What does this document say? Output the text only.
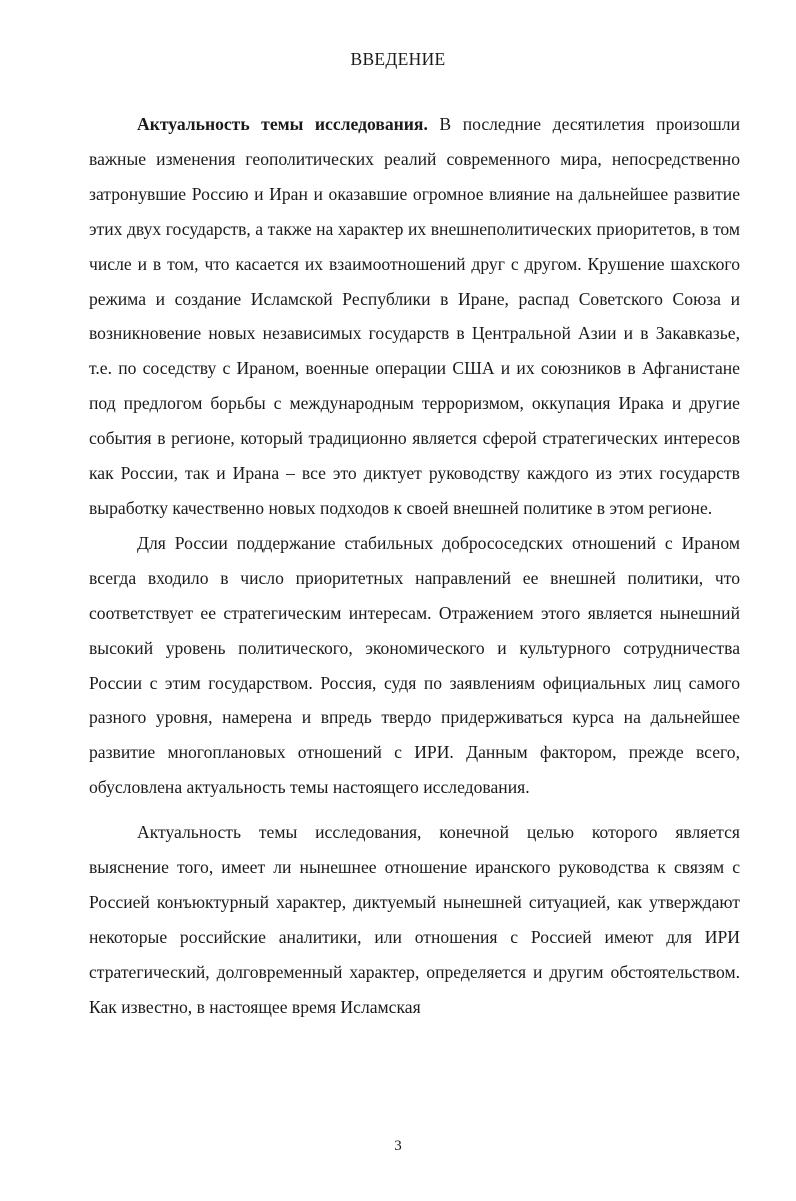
ВВЕДЕНИЕ

Актуальность темы исследования. В последние десятилетия произошли важные изменения геополитических реалий современного мира, непосредственно затронувшие Россию и Иран и оказавшие огромное влияние на дальнейшее развитие этих двух государств, а также на характер их внешнеполитических приоритетов, в том числе и в том, что касается их взаимоотношений друг с другом. Крушение шахского режима и создание Исламской Республики в Иране, распад Советского Союза и возникновение новых независимых государств в Центральной Азии и в Закавказье, т.е. по соседству с Ираном, военные операции США и их союзников в Афганистане под предлогом борьбы с международным терроризмом, оккупация Ирака и другие события в регионе, который традиционно является сферой стратегических интересов как России, так и Ирана – все это диктует руководству каждого из этих государств выработку качественно новых подходов к своей внешней политике в этом регионе.

Для России поддержание стабильных добрососедских отношений с Ираном всегда входило в число приоритетных направлений ее внешней политики, что соответствует ее стратегическим интересам. Отражением этого является нынешний высокий уровень политического, экономического и культурного сотрудничества России с этим государством. Россия, судя по заявлениям официальных лиц самого разного уровня, намерена и впредь твердо придерживаться курса на дальнейшее развитие многоплановых отношений с ИРИ. Данным фактором, прежде всего, обусловлена актуальность темы настоящего исследования.

Актуальность темы исследования, конечной целью которого является выяснение того, имеет ли нынешнее отношение иранского руководства к связям с Россией конъюктурный характер, диктуемый нынешней ситуацией, как утверждают некоторые российские аналитики, или отношения с Россией имеют для ИРИ стратегический, долговременный характер, определяется и другим обстоятельством. Как известно, в настоящее время Исламская

3
